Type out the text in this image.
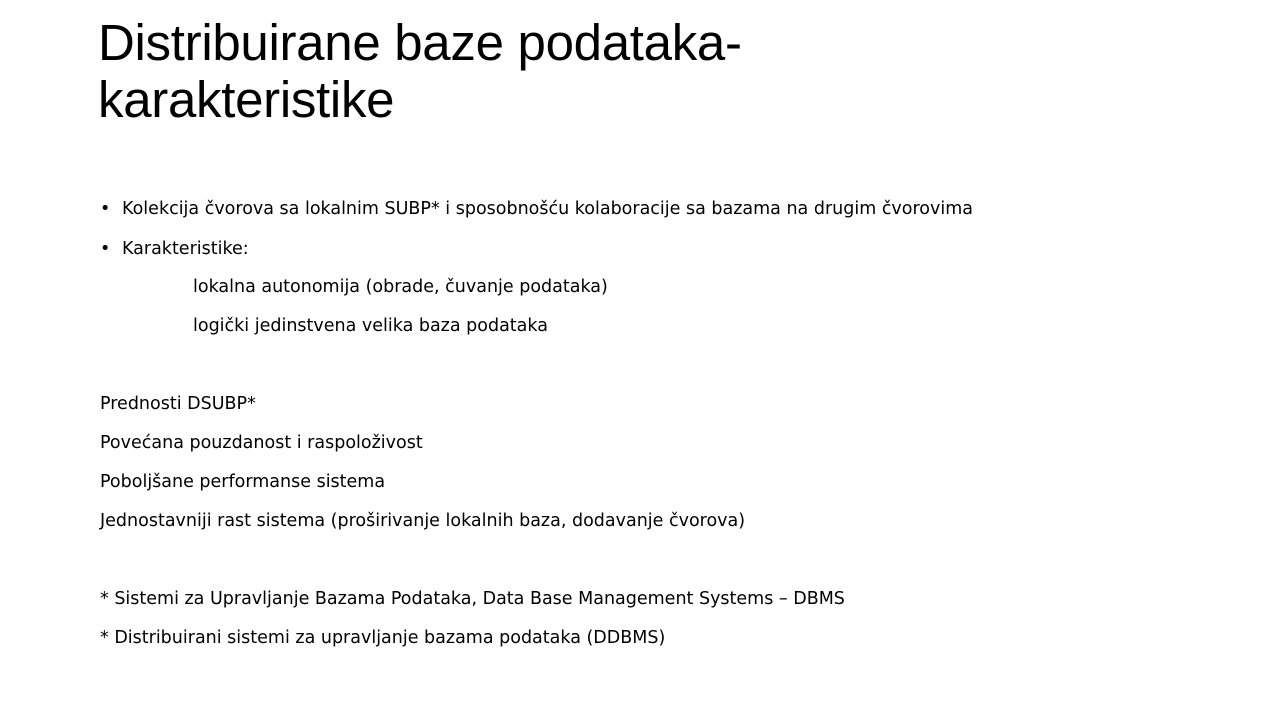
Distribuirane baze podataka-
karakteristike
• Kolekcija čvorova sa lokalnim SUBP* i sposobnošću kolaboracije sa bazama na drugim čvorovima
• Karakteristike:
lokalna autonomija (obrade, čuvanje podataka)
logički jedinstvena velika baza podataka
Prednosti DSUBP*
Povećana pouzdanost i raspoloživost
Poboljšane performanse sistema
Jednostavniji rast sistema (proširivanje lokalnih baza, dodavanje čvorova)
* Sistemi za Upravljanje Bazama Podataka, Data Base Management Systems – DBMS
* Distribuirani sistemi za upravljanje bazama podataka (DDBMS)
